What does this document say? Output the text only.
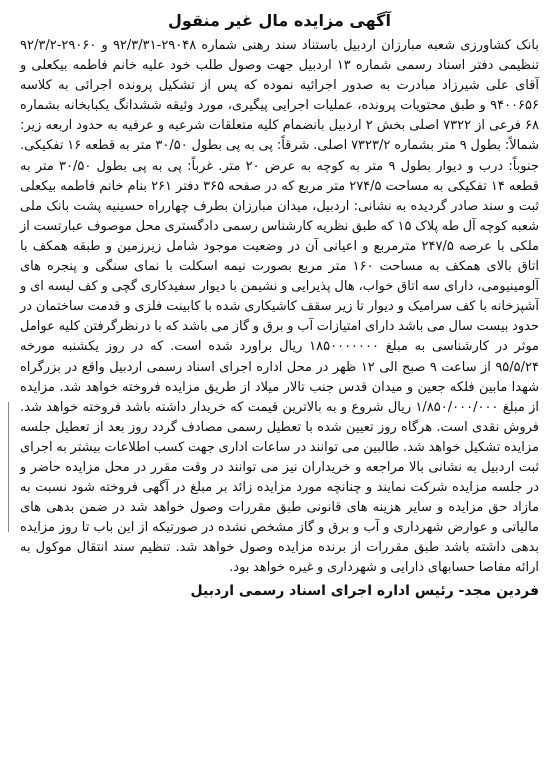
آگهی مزایده مال غیر منقول

بانک کشاورزی شعبه مبارزان اردبیل باستناد سند رهنی شماره ۲۹۰۴۸-۹۲/۳/۳۱ و ۲۹۰۶۰-۹۲/۳/۲ تنظیمی دفتر اسناد رسمی شماره ۱۳ اردبیل جهت وصول طلب خود علیه خانم فاطمه بیکعلی و آقای علی شیرزاد مبادرت به صدور اجرائیه نموده که پس از تشکیل پرونده اجرائی به کلاسه ۹۴۰۰۶۵۶ و طبق محتویات پرونده، عملیات اجرایی پیگیری، مورد وثیقه ششدانگ یکبابخانه بشماره ۶۸ فرعی از ۷۳۲۲ اصلی بخش ۲ اردبیل بانضمام کلیه متعلقات شرعیه و عرفیه به حدود اربعه زیر: شمالاً: بطول ۹ متر بشماره ۷۳۲۳/۲ اصلی. شرقاً: پی به پی بطول ۳۰/۵۰ متر به قطعه ۱۶ تفکیکی. جنوباً: درب و دیوار بطول ۹ متر به کوچه به عرض ۲۰ متر. غرباً: پی به پی بطول ۳۰/۵۰ متر به قطعه ۱۴ تفکیکی به مساحت ۲۷۴/۵ متر مربع که در صفحه ۳۶۵ دفتر ۲۶۱ بنام خانم فاطمه بیکعلی ثبت و سند صادر گردیده به نشانی: اردبیل، میدان مبارزان بطرف چهارراه حسینیه پشت بانک ملی شعبه کوچه آل طه پلاک ۱۵ که طبق نظریه کارشناس رسمی دادگستری محل موصوف عبارتست از ملکی با عرصه ۲۴۷/۵ مترمربع و اعیانی آن در وضعیت موجود شامل زیرزمین و طبقه همکف با اتاق بالای همکف به مساحت ۱۶۰ متر مربع بصورت نیمه اسکلت با نمای سنگی و پنجره های آلومینیومی، دارای سه اتاق خواب، هال پذیرایی و نشیمن با دیوار سفیدکاری گچی و کف لیسه ای و آشپزخانه با کف سرامیک و دیوار تا زیر سقف کاشیکاری شده با کابینت فلزی و قدمت ساختمان در حدود بیست سال می باشد دارای امتیازات آب و برق و گاز می باشد که با درنظرگرفتن کلیه عوامل موثر در کارشناسی به مبلغ ۱۸۵۰۰۰۰۰۰۰ ریال براورد شده است. که در روز یکشنبه مورخه ۹۵/۵/۲۴ از ساعت ۹ صبح الی ۱۲ ظهر در محل اداره اجرای اسناد رسمی اردبیل واقع در بزرگراه شهدا مابین فلکه جعین و میدان قدس جنب تالار میلاد از طریق مزایده فروخته خواهد شد. مزایده از مبلغ ۱/۸۵۰/۰۰۰/۰۰۰ ریال شروع و به بالاترین قیمت که خریدار داشته باشد فروخته خواهد شد. فروش نقدی است. هرگاه روز تعیین شده با تعطیل رسمی مصادف گردد روز بعد از تعطیل جلسه مزایده تشکیل خواهد شد. طالبین می توانند در ساعات اداری جهت کسب اطلاعات بیشتر به اجرای ثبت اردبیل به نشانی بالا مراجعه و خریداران نیز می توانند در وقت مقرر در محل مزایده حاضر و در جلسه مزایده شرکت نمایند و چنانچه مورد مزایده زائد بر مبلغ در آگهی فروخته شود نسبت به مازاد حق مزایده و سایر هزینه های قانونی طبق مقررات وصول خواهد شد در ضمن بدهی های مالیاتی و عوارض شهرداری و آب و برق و گاز مشخص نشده در صورتیکه از این باب تا روز مزایده بدهی داشته باشد طبق مقررات از برنده مزایده وصول خواهد شد. تنظیم سند انتقال موکول به ارائه مفاصا حسابهای دارایی و شهرداری و غیره خواهد بود.

فردین مجد- رئیس اداره اجرای اسناد رسمی اردبیل
